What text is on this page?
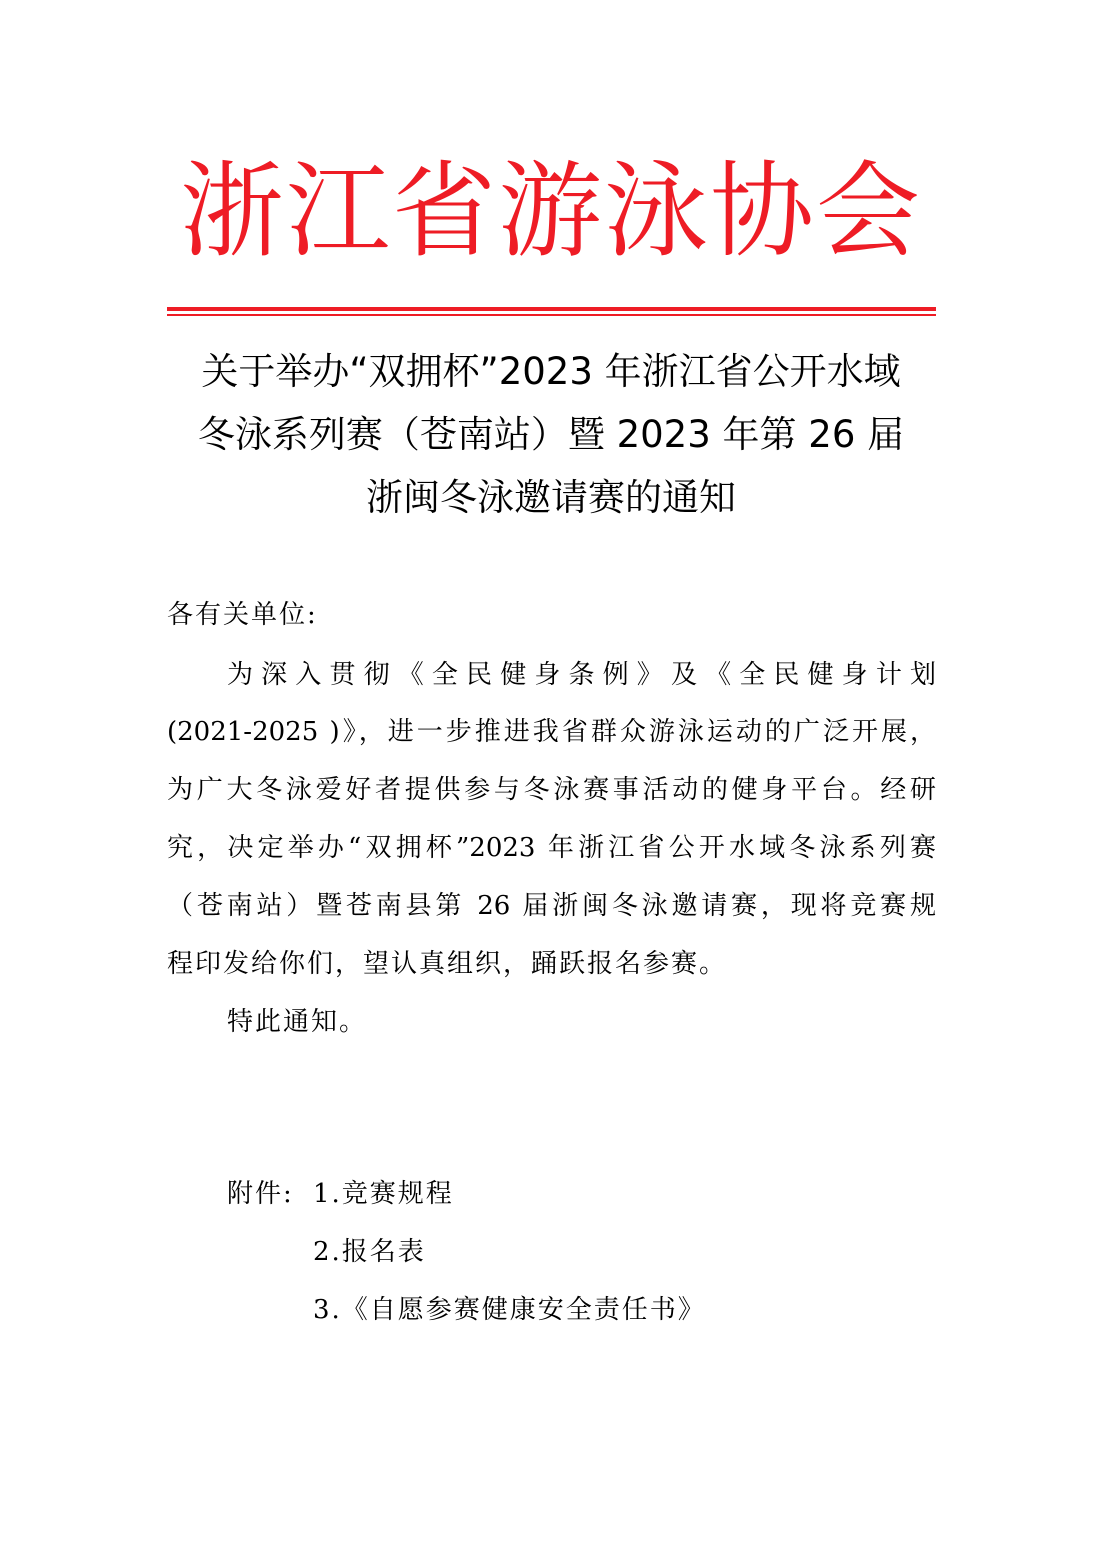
浙江省游泳协会
关于举办“双拥杯”2023 年浙江省公开水域
冬泳系列赛（苍南站）暨 2023 年第 26 届
浙闽冬泳邀请赛的通知
各有关单位:
为深入贯彻《全民健身条例》及《全民健身计划
(2021-2025 )》，进一步推进我省群众游泳运动的广泛开展，
为广大冬泳爱好者提供参与冬泳赛事活动的健身平台。经研
究，决定举办“双拥杯”2023 年浙江省公开水域冬泳系列赛
（苍南站）暨苍南县第 26 届浙闽冬泳邀请赛，现将竞赛规
程印发给你们，望认真组织，踊跃报名参赛。
特此通知。
附件: 1.竞赛规程
2.报名表
3.《自愿参赛健康安全责任书》
